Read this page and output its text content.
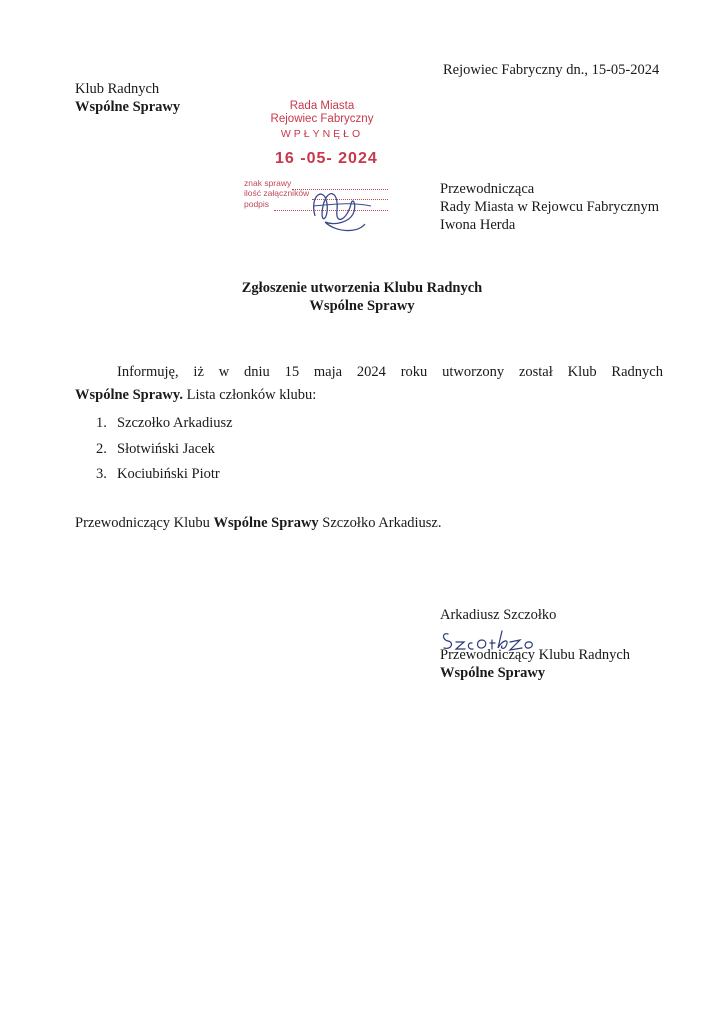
Rejowiec Fabryczny dn., 15-05-2024
Klub Radnych
Wspólne Sprawy	Rada Miasta
Rejowiec Fabryczny
WPŁYNĘŁO
16 -05- 2024
znak sprawy
ilość załączników
podpis
Przewodnicząca
Rady Miasta w Rejowcu Fabrycznym
Iwona Herda
Zgłoszenie utworzenia Klubu Radnych
Wspólne Sprawy
Informuję, iż w dniu 15 maja 2024 roku utworzony został Klub Radnych
Wspólne Sprawy. Lista członków klubu:
1. Szczołko Arkadiusz
2. Słotwiński Jacek
3. Kociubiński Piotr
Przewodniczący Klubu Wspólne Sprawy Szczołko Arkadiusz.
Arkadiusz Szczołko
Przewodniczący Klubu Radnych
Wspólne Sprawy
